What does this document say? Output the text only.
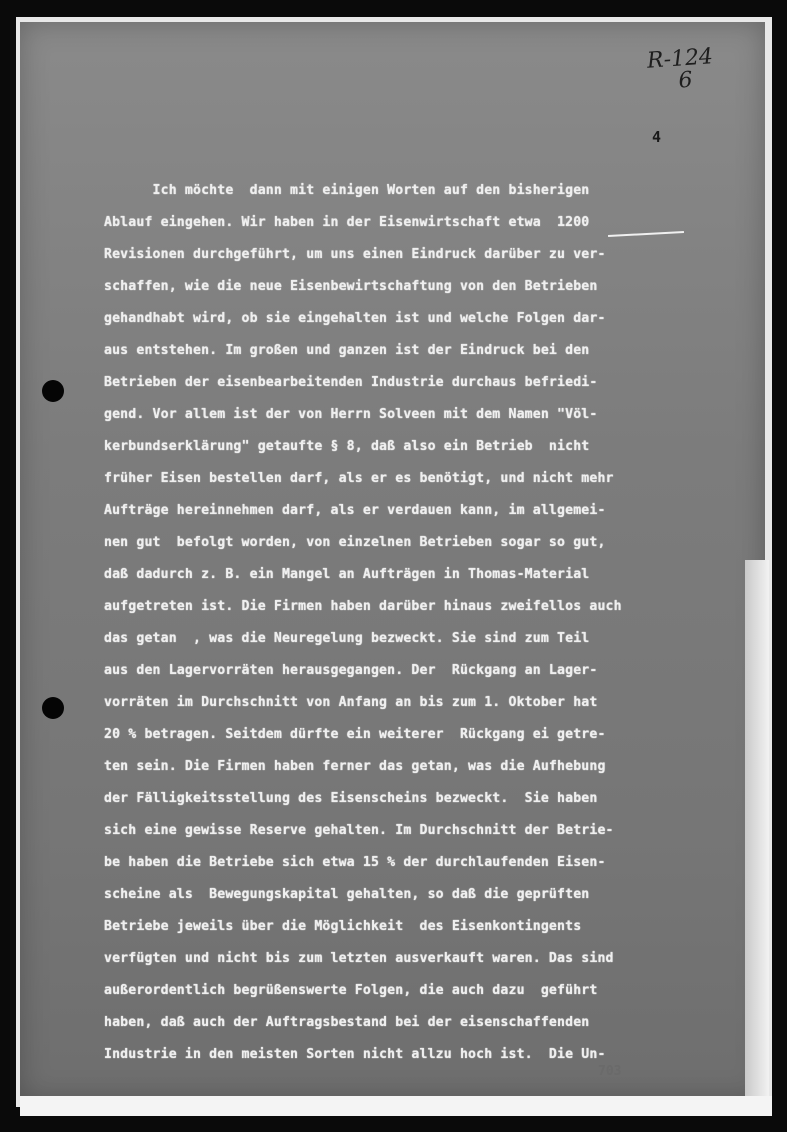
R-124
6
4
Ich möchte  dann mit einigen Worten auf den bisherigen
Ablauf eingehen. Wir haben in der Eisenwirtschaft etwa  1200
Revisionen durchgeführt, um uns einen Eindruck darüber zu ver-
schaffen, wie die neue Eisenbewirtschaftung von den Betrieben
gehandhabt wird, ob sie eingehalten ist und welche Folgen dar-
aus entstehen. Im großen und ganzen ist der Eindruck bei den
Betrieben der eisenbearbeitenden Industrie durchaus befriedi-
gend. Vor allem ist der von Herrn Solveen mit dem Namen "Völ-
kerbundserklärung" getaufte § 8, daß also ein Betrieb  nicht
früher Eisen bestellen darf, als er es benötigt, und nicht mehr
Aufträge hereinnehmen darf, als er verdauen kann, im allgemei-
nen gut  befolgt worden, von einzelnen Betrieben sogar so gut,
daß dadurch z. B. ein Mangel an Aufträgen in Thomas-Material
aufgetreten ist. Die Firmen haben darüber hinaus zweifellos auch
das getan  , was die Neuregelung bezweckt. Sie sind zum Teil
aus den Lagervorräten herausgegangen. Der  Rückgang an Lager-
vorräten im Durchschnitt von Anfang an bis zum 1. Oktober hat
20 % betragen. Seitdem dürfte ein weiterer  Rückgang ei getre-
ten sein. Die Firmen haben ferner das getan, was die Aufhebung
der Fälligkeitsstellung des Eisenscheins bezweckt.  Sie haben
sich eine gewisse Reserve gehalten. Im Durchschnitt der Betrie-
be haben die Betriebe sich etwa 15 % der durchlaufenden Eisen-
scheine als  Bewegungskapital gehalten, so daß die geprüften
Betriebe jeweils über die Möglichkeit  des Eisenkontingents
verfügten und nicht bis zum letzten ausverkauft waren. Das sind
außerordentlich begrüßenswerte Folgen, die auch dazu  geführt
haben, daß auch der Auftragsbestand bei der eisenschaffenden
Industrie in den meisten Sorten nicht allzu hoch ist.  Die Un-
703
